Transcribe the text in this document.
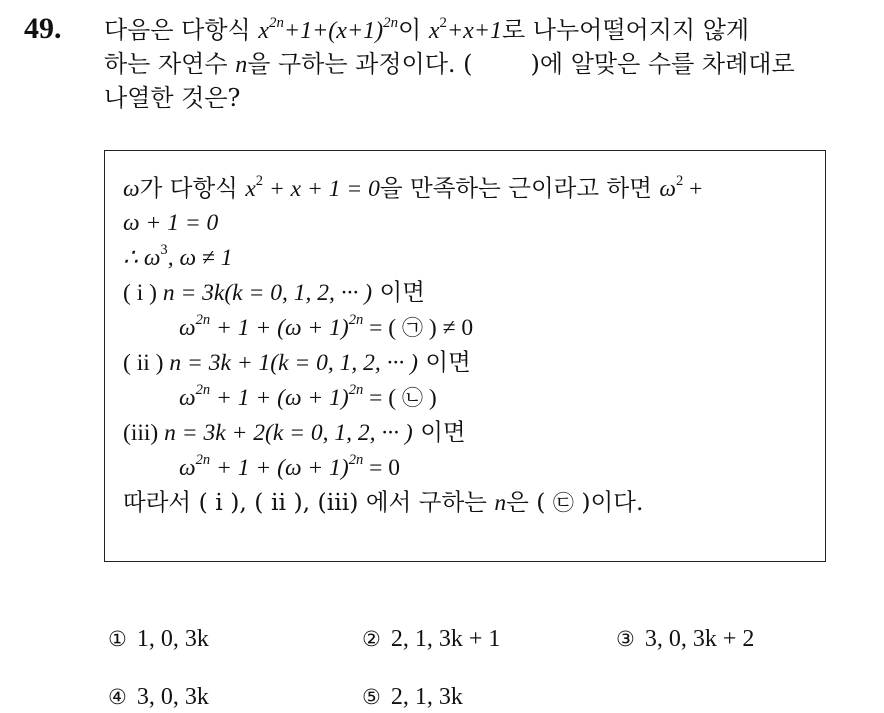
49. 다음은 다항식 $x^{2n}+1+(x+1)^{2n}$이 $x^2+x+1$로 나누어떨어지지 않게
하는 자연수 n을 구하는 과정이다. ( )에 알맞은 수를 차례대로
나열한 것은?
ω가 다항식 $x^2 + x + 1 = 0$을 만족하는 근이라고 하면 $\omega^2$ +
ω + 1 = 0
∴ $\omega^3$, ω ≠ 1
( i ) n = 3k(k = 0, 1, 2, ··· ) 이면
$\omega^{2n} + 1 + (\omega + 1)^{2n}$ = ( ㉠ ) ≠ 0
( ii ) n = 3k + 1(k = 0, 1, 2, ··· ) 이면
$\omega^{2n} + 1 + (\omega + 1)^{2n}$ = ( ㉡ )
(iii) n = 3k + 2(k = 0, 1, 2, ··· ) 이면
$\omega^{2n} + 1 + (\omega + 1)^{2n} = 0$
따라서 ( i ), ( ii ), (iii) 에서 구하는 n은 ( ㉢ )이다.
① 1, 0, 3k	② 2, 1, 3k + 1	③ 3, 0, 3k + 2
④ 3, 0, 3k	⑤ 2, 1, 3k
